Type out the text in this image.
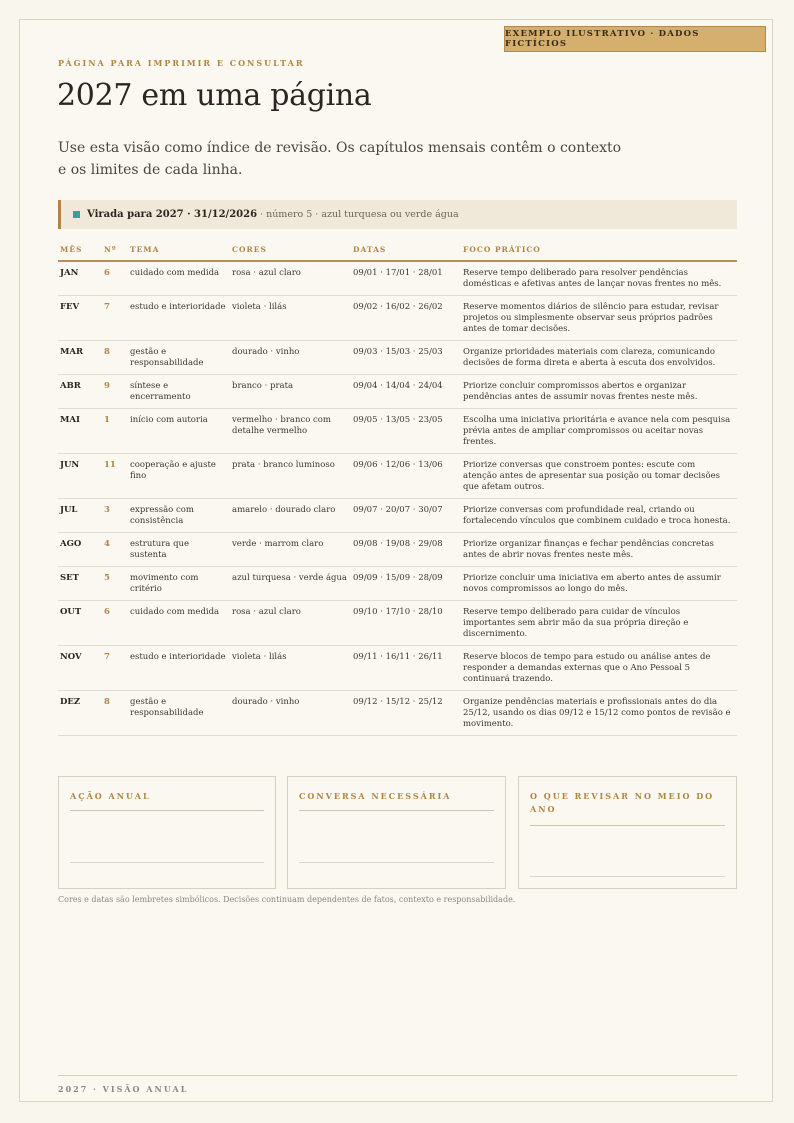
EXEMPLO ILUSTRATIVO · DADOS FICTÍCIOS
PÁGINA PARA IMPRIMIR E CONSULTAR
2027 em uma página

Use esta visão como índice de revisão. Os capítulos mensais contêm o contexto e os limites de cada linha.

Virada para 2027 · 31/12/2026 · número 5 · azul turquesa ou verde água
MÊS	Nº	TEMA	CORES	DATAS	FOCO PRÁTICO
JAN	6	cuidado com medida	rosa · azul claro	09/01 · 17/01 · 28/01	Reserve tempo deliberado para resolver pendências domésticas e afetivas antes de lançar novas frentes no mês.
FEV	7	estudo e interioridade	violeta · lilás	09/02 · 16/02 · 26/02	Reserve momentos diários de silêncio para estudar, revisar projetos ou simplesmente observar seus próprios padrões antes de tomar decisões.
MAR	8	gestão e responsabilidade	dourado · vinho	09/03 · 15/03 · 25/03	Organize prioridades materiais com clareza, comunicando decisões de forma direta e aberta à escuta dos envolvidos.
ABR	9	síntese e encerramento	branco · prata	09/04 · 14/04 · 24/04	Priorize concluir compromissos abertos e organizar pendências antes de assumir novas frentes neste mês.
MAI	1	início com autoria	vermelho · branco com detalhe vermelho	09/05 · 13/05 · 23/05	Escolha uma iniciativa prioritária e avance nela com pesquisa prévia antes de ampliar compromissos ou aceitar novas frentes.
JUN	11	cooperação e ajuste fino	prata · branco luminoso	09/06 · 12/06 · 13/06	Priorize conversas que constroem pontes: escute com atenção antes de apresentar sua posição ou tomar decisões que afetam outros.
JUL	3	expressão com consistência	amarelo · dourado claro	09/07 · 20/07 · 30/07	Priorize conversas com profundidade real, criando ou fortalecendo vínculos que combinem cuidado e troca honesta.
AGO	4	estrutura que sustenta	verde · marrom claro	09/08 · 19/08 · 29/08	Priorize organizar finanças e fechar pendências concretas antes de abrir novas frentes neste mês.
SET	5	movimento com critério	azul turquesa · verde água	09/09 · 15/09 · 28/09	Priorize concluir uma iniciativa em aberto antes de assumir novos compromissos ao longo do mês.
OUT	6	cuidado com medida	rosa · azul claro	09/10 · 17/10 · 28/10	Reserve tempo deliberado para cuidar de vínculos importantes sem abrir mão da sua própria direção e discernimento.
NOV	7	estudo e interioridade	violeta · lilás	09/11 · 16/11 · 26/11	Reserve blocos de tempo para estudo ou análise antes de responder a demandas externas que o Ano Pessoal 5 continuará trazendo.
DEZ	8	gestão e responsabilidade	dourado · vinho	09/12 · 15/12 · 25/12	Organize pendências materiais e profissionais antes do dia 25/12, usando os dias 09/12 e 15/12 como pontos de revisão e movimento.
AÇÃO ANUAL	CONVERSA NECESSÁRIA	O QUE REVISAR NO MEIO DO ANO
Cores e datas são lembretes simbólicos. Decisões continuam dependentes de fatos, contexto e responsabilidade.
2027 · VISÃO ANUAL
